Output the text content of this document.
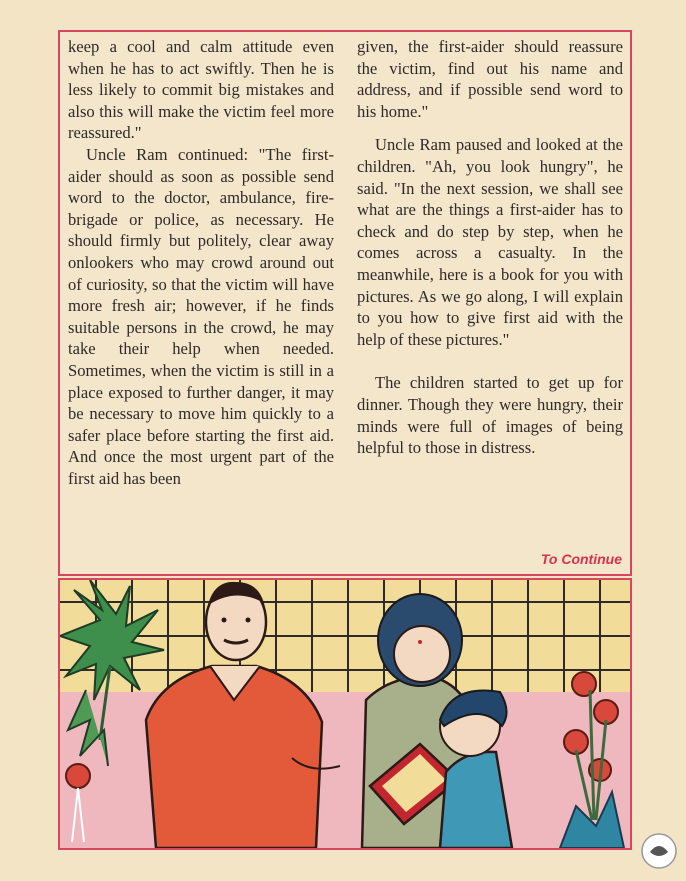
keep a cool and calm attitude even when he has to act swiftly. Then he is less likely to commit big mistakes and also this will make the victim feel more reassured."

Uncle Ram continued: "The first-aider should as soon as possible send word to the doctor, ambulance, fire-brigade or police, as necessary. He should firmly but politely, clear away onlookers who may crowd around out of curiosity, so that the victim will have more fresh air; however, if he finds suitable persons in the crowd, he may take their help when needed. Sometimes, when the victim is still in a place exposed to further danger, it may be necessary to move him quickly to a safer place before starting the first aid. And once the most urgent part of the first aid has been

given, the first-aider should reassure the victim, find out his name and address, and if possible send word to his home."

Uncle Ram paused and looked at the children. "Ah, you look hungry", he said. "In the next session, we shall see what are the things a first-aider has to check and do step by step, when he comes across a casualty. In the meanwhile, here is a book for you with pictures. As we go along, I will explain to you how to give first aid with the help of these pictures."

The children started to get up for dinner. Though they were hungry, their minds were full of images of being helpful to those in distress.

To Continue
